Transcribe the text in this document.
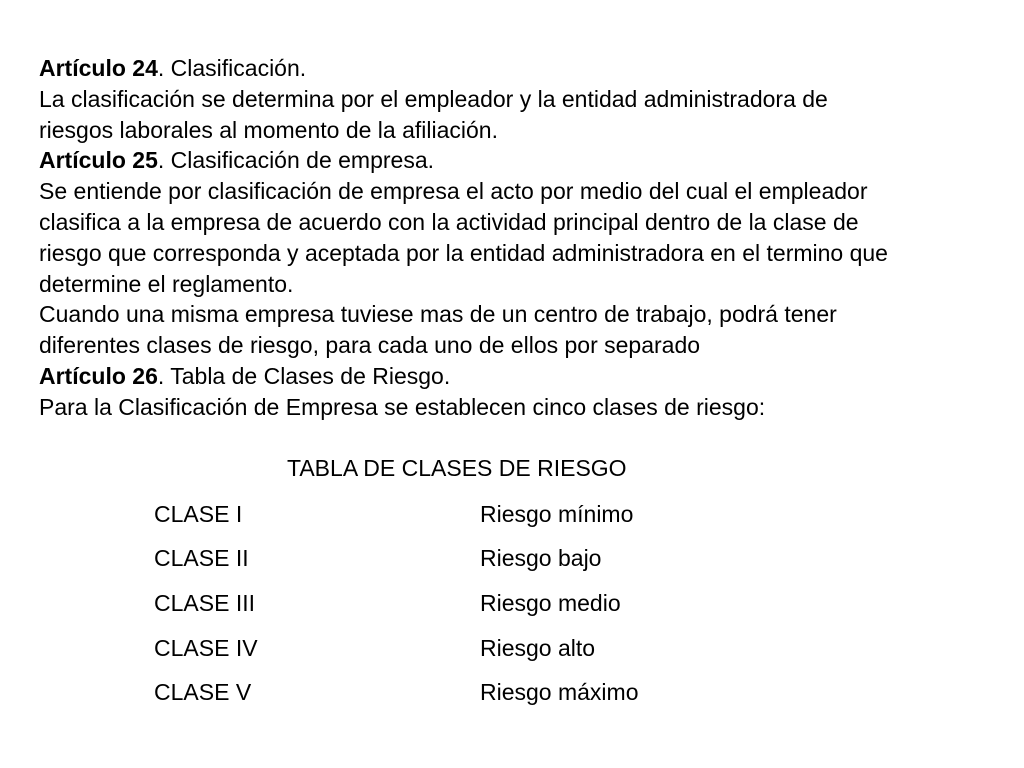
Artículo 24. Clasificación.
La clasificación se determina por el empleador y la entidad administradora de
riesgos laborales al momento de la afiliación.
Artículo 25. Clasificación de empresa.
Se entiende por clasificación de empresa el acto por medio del cual el empleador
clasifica a la empresa de acuerdo con la actividad principal dentro de la clase de
riesgo que corresponda y aceptada por la entidad administradora en el termino que
determine el reglamento.
Cuando una misma empresa tuviese mas de un centro de trabajo, podrá tener
diferentes clases de riesgo, para cada uno de ellos por separado
Artículo 26. Tabla de Clases de Riesgo.
Para la Clasificación de Empresa se establecen cinco clases de riesgo:
TABLA DE CLASES DE RIESGO
CLASE I	Riesgo mínimo
CLASE II	Riesgo bajo
CLASE III	Riesgo medio
CLASE IV	Riesgo alto
CLASE V	Riesgo máximo
